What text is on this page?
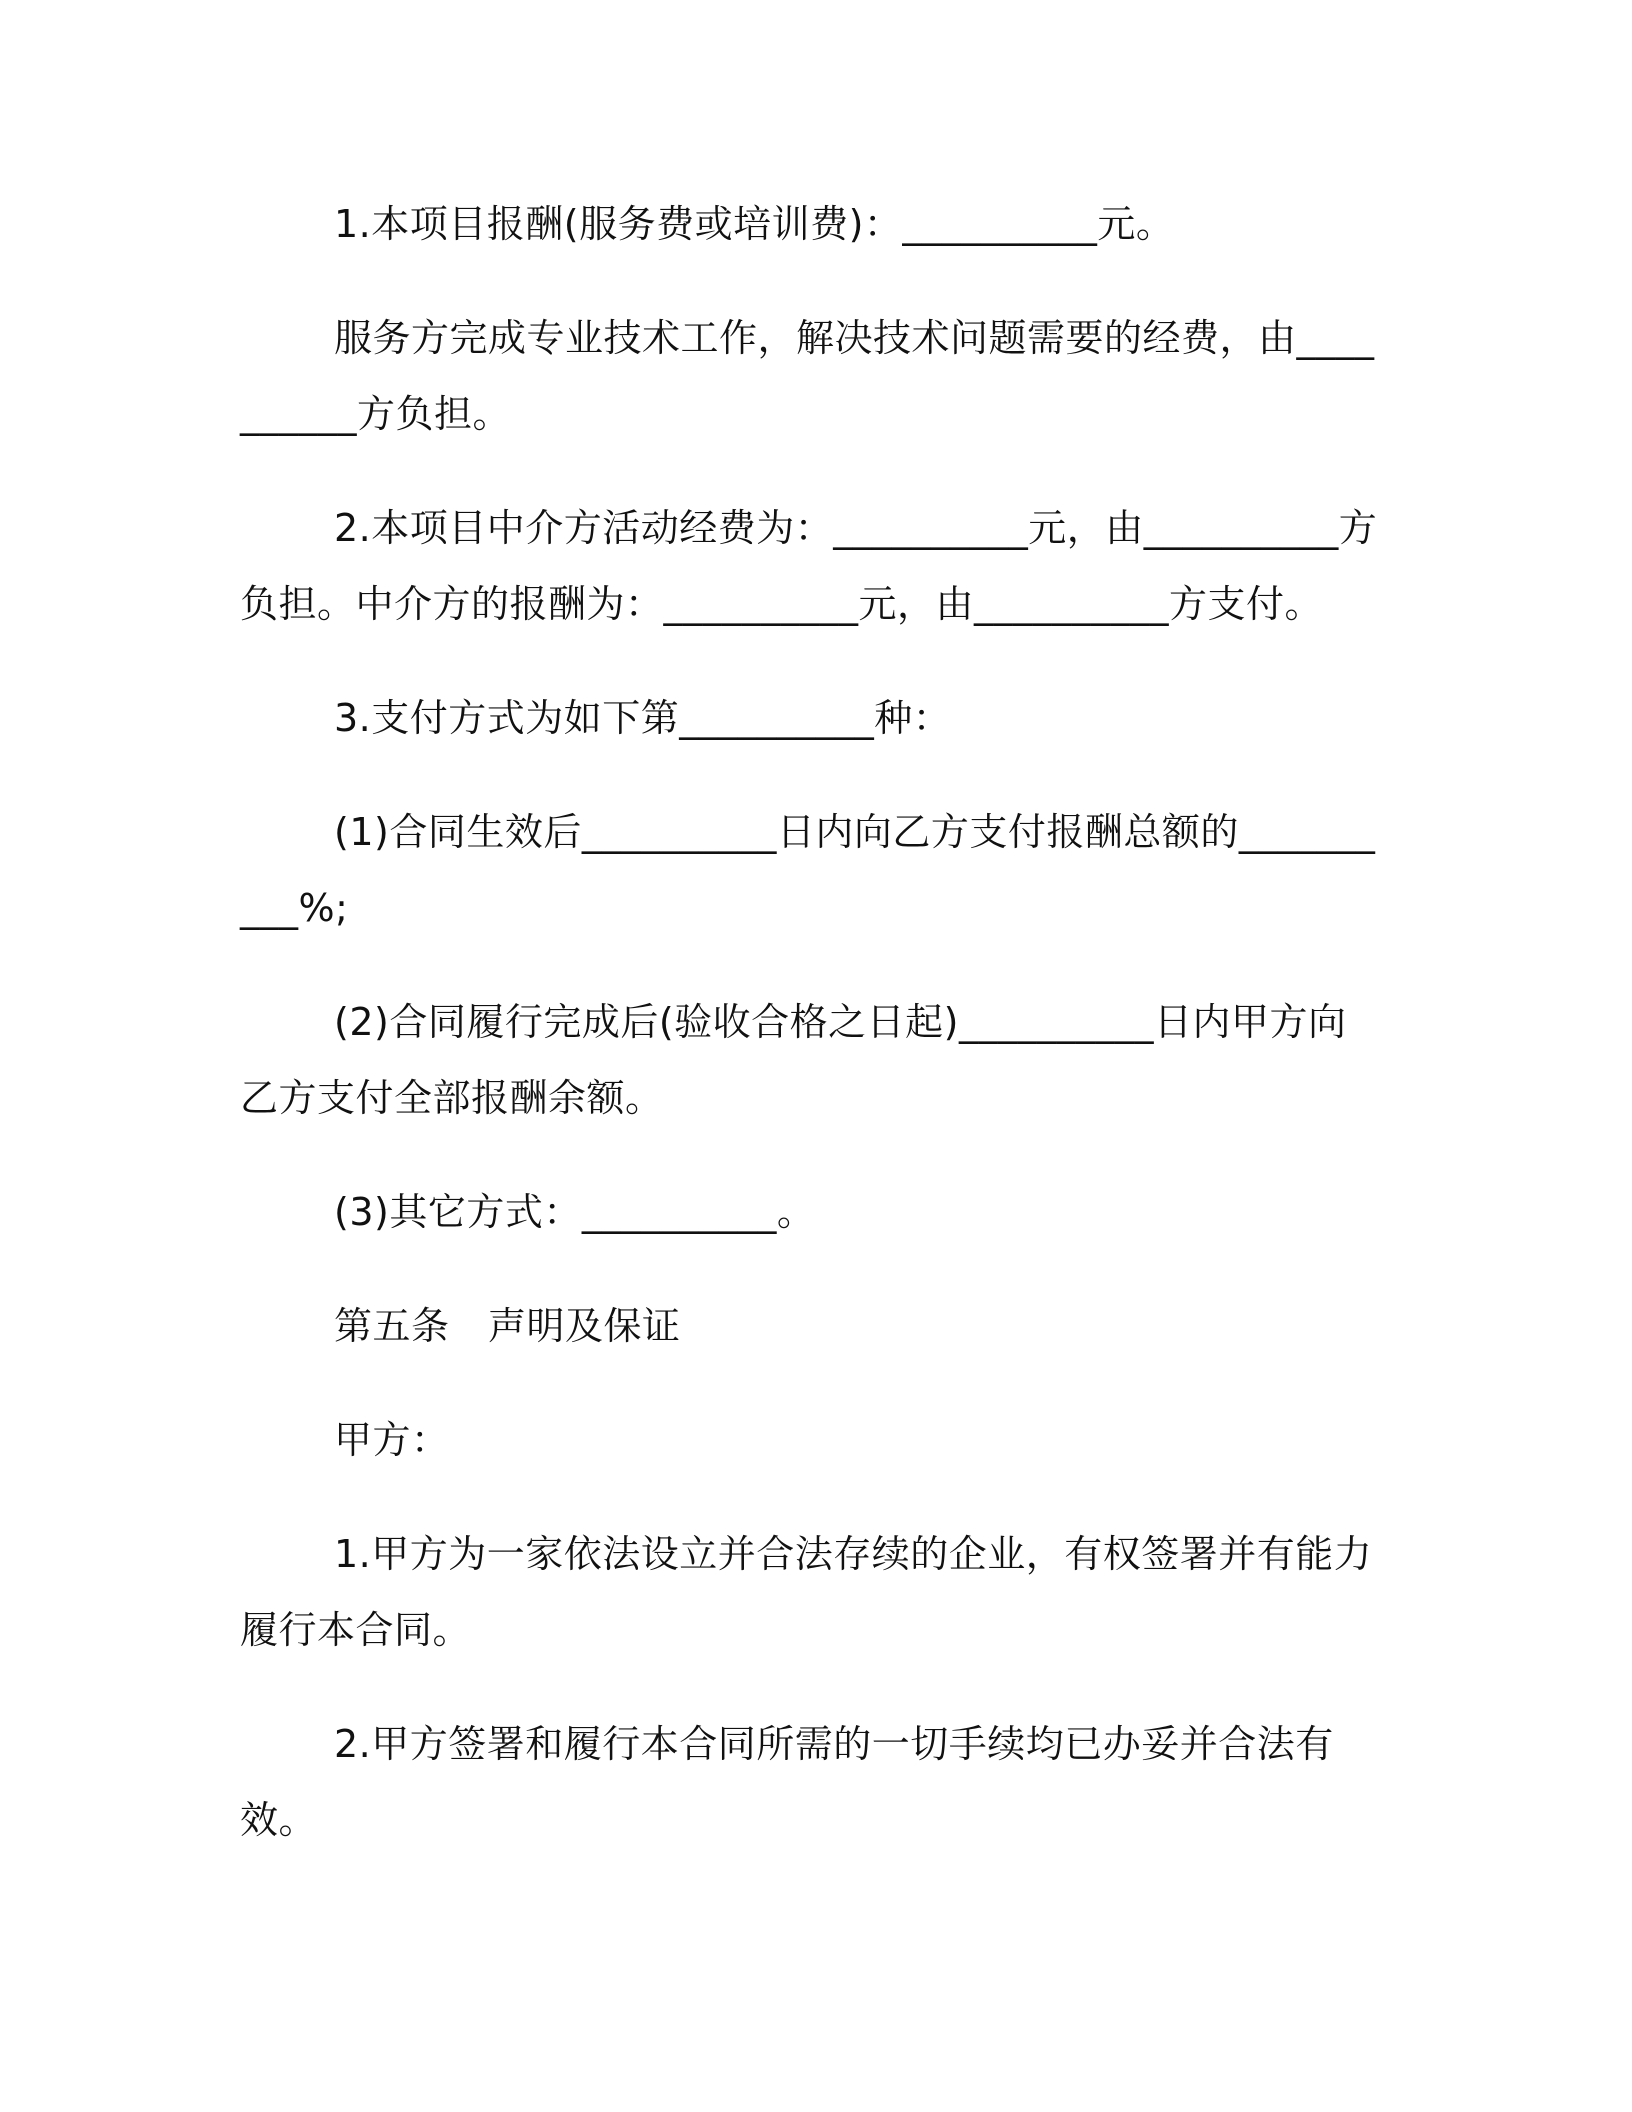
1.本项目报酬(服务费或培训费)：__________元。

服务方完成专业技术工作，解决技术问题需要的经费，由__________方负担。

2.本项目中介方活动经费为：__________元，由__________方负担。中介方的报酬为：__________元，由__________方支付。

3.支付方式为如下第__________种：

(1)合同生效后__________日内向乙方支付报酬总额的__________%;

(2)合同履行完成后(验收合格之日起)__________日内甲方向乙方支付全部报酬余额。

(3)其它方式：__________。

第五条　声明及保证

甲方：

1.甲方为一家依法设立并合法存续的企业，有权签署并有能力履行本合同。

2.甲方签署和履行本合同所需的一切手续均已办妥并合法有效。
